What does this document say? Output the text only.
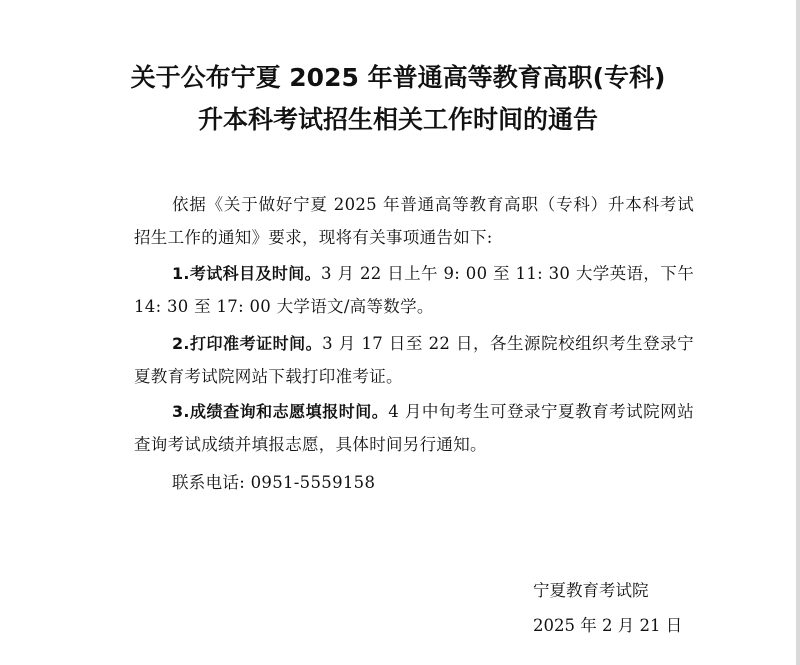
关于公布宁夏 2025 年普通高等教育高职(专科)
升本科考试招生相关工作时间的通告
依据《关于做好宁夏 2025 年普通高等教育高职（专科）升本科考试招生工作的通知》要求，现将有关事项通告如下:
1.考试科目及时间。3 月 22 日上午 9: 00 至 11: 30 大学英语，下午 14: 30 至 17: 00 大学语文/高等数学。
2.打印准考证时间。3 月 17 日至 22 日，各生源院校组织考生登录宁夏教育考试院网站下载打印准考证。
3.成绩查询和志愿填报时间。4 月中旬考生可登录宁夏教育考试院网站查询考试成绩并填报志愿，具体时间另行通知。
联系电话: 0951-5559158
宁夏教育考试院
2025 年 2 月 21 日
